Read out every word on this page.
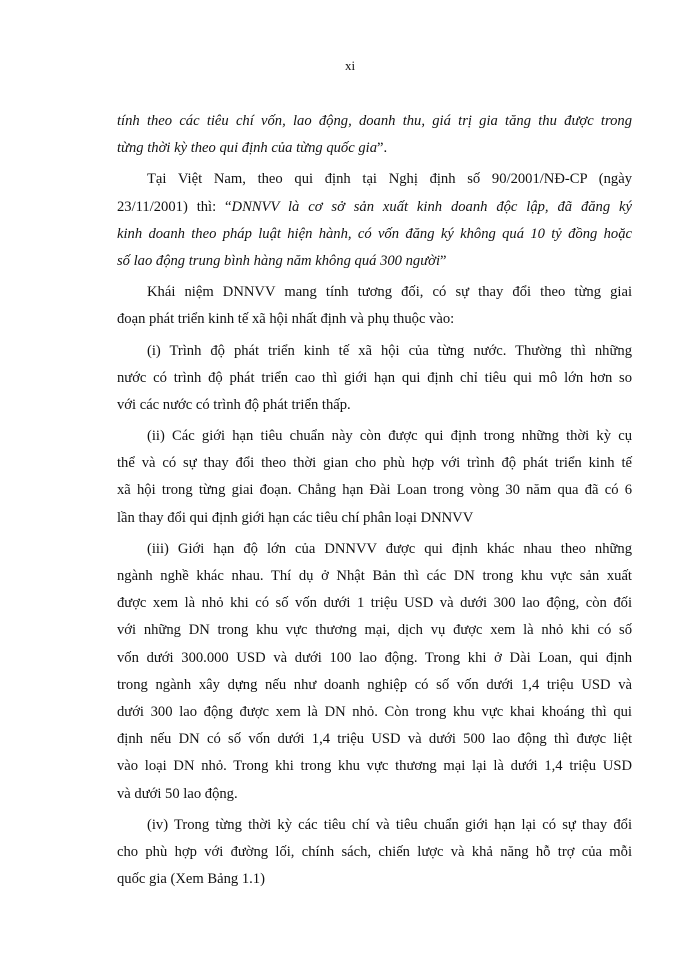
xi
tính theo các tiêu chí vốn, lao động, doanh thu, giá trị gia tăng thu được trong
từng thời kỳ theo qui định của từng quốc gia”.
Tại Việt Nam, theo qui định tại Nghị định số 90/2001/NĐ-CP (ngày
23/11/2001) thì: “DNNVV là cơ sở sản xuất kinh doanh độc lập, đã đăng ký
kinh doanh theo pháp luật hiện hành, có vốn đăng ký không quá 10 tỷ đồng hoặc
số lao động trung bình hàng năm không quá 300 người”
Khái niệm DNNVV mang tính tương đối, có sự thay đổi theo từng giai
đoạn phát triển kinh tế xã hội nhất định và phụ thuộc vào:
(i) Trình độ phát triển kinh tế xã hội của từng nước. Thường thì những
nước có trình độ phát triển cao thì giới hạn qui định chỉ tiêu qui mô lớn hơn so
với các nước có trình độ phát triển thấp.
(ii) Các giới hạn tiêu chuẩn này còn được qui định trong những thời kỳ cụ
thể và có sự thay đổi theo thời gian cho phù hợp với trình độ phát triển kinh tế
xã hội trong từng giai đoạn. Chẳng hạn Đài Loan trong vòng 30 năm qua đã có 6
lần thay đổi qui định giới hạn các tiêu chí phân loại DNNVV
(iii) Giới hạn độ lớn của DNNVV được qui định khác nhau theo những
ngành nghề khác nhau. Thí dụ ở Nhật Bản thì các DN trong khu vực sản xuất
được xem là nhỏ khi có số vốn dưới 1 triệu USD và dưới 300 lao động, còn đối
với những DN trong khu vực thương mại, dịch vụ được xem là nhỏ khi có số
vốn dưới 300.000 USD và dưới 100 lao động. Trong khi ở Dài Loan, qui định
trong ngành xây dựng nếu như doanh nghiệp có số vốn dưới 1,4 triệu USD và
dưới 300 lao động được xem là DN nhỏ. Còn trong khu vực khai khoáng thì qui
định nếu DN có số vốn dưới 1,4 triệu USD và dưới 500 lao động thì được liệt
vào loại DN nhỏ. Trong khi trong khu vực thương mại lại là dưới 1,4 triệu USD
và dưới 50 lao động.
(iv) Trong từng thời kỳ các tiêu chí và tiêu chuẩn giới hạn lại có sự thay đổi
cho phù hợp với đường lối, chính sách, chiến lược và khả năng hỗ trợ của mỗi
quốc gia (Xem Bảng 1.1)
